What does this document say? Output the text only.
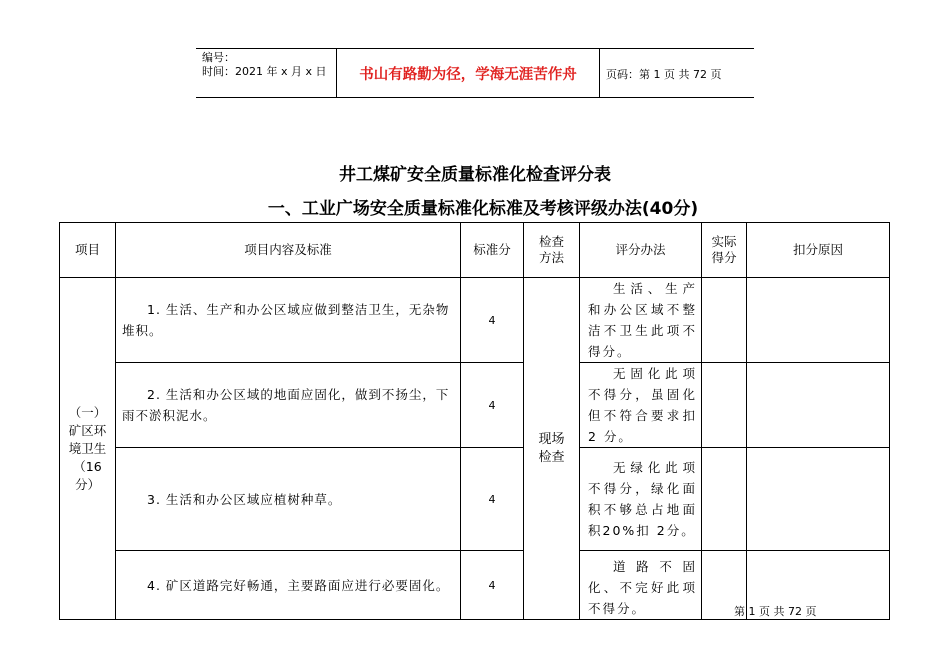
编号：
时间：2021 年 x 月 x 日	书山有路勤为径，学海无涯苦作舟	页码：第 1 页 共 72 页
井工煤矿安全质量标准化检查评分表
一、工业广场安全质量标准化标准及考核评级办法(40分)
项目	项目内容及标准	标准分	检查方法	评分办法	实际得分	扣分原因
（一）矿区环境卫生（16分）	1. 生活、生产和办公区域应做到整洁卫生，无杂物堆积。	4	现场检查	生活、生产和办公区域不整洁不卫生此项不得分。		
	2. 生活和办公区域的地面应固化，做到不扬尘，下雨不淤积泥水。	4		无固化此项不得分，虽固化但不符合要求扣 2 分。		
	3. 生活和办公区域应植树种草。	4		无绿化此项不得分，绿化面积不够总占地面积20%扣 2分。		
	4. 矿区道路完好畅通，主要路面应进行必要固化。	4		道路不固化、不完好此项不得分。			第 1 页 共 72 页
